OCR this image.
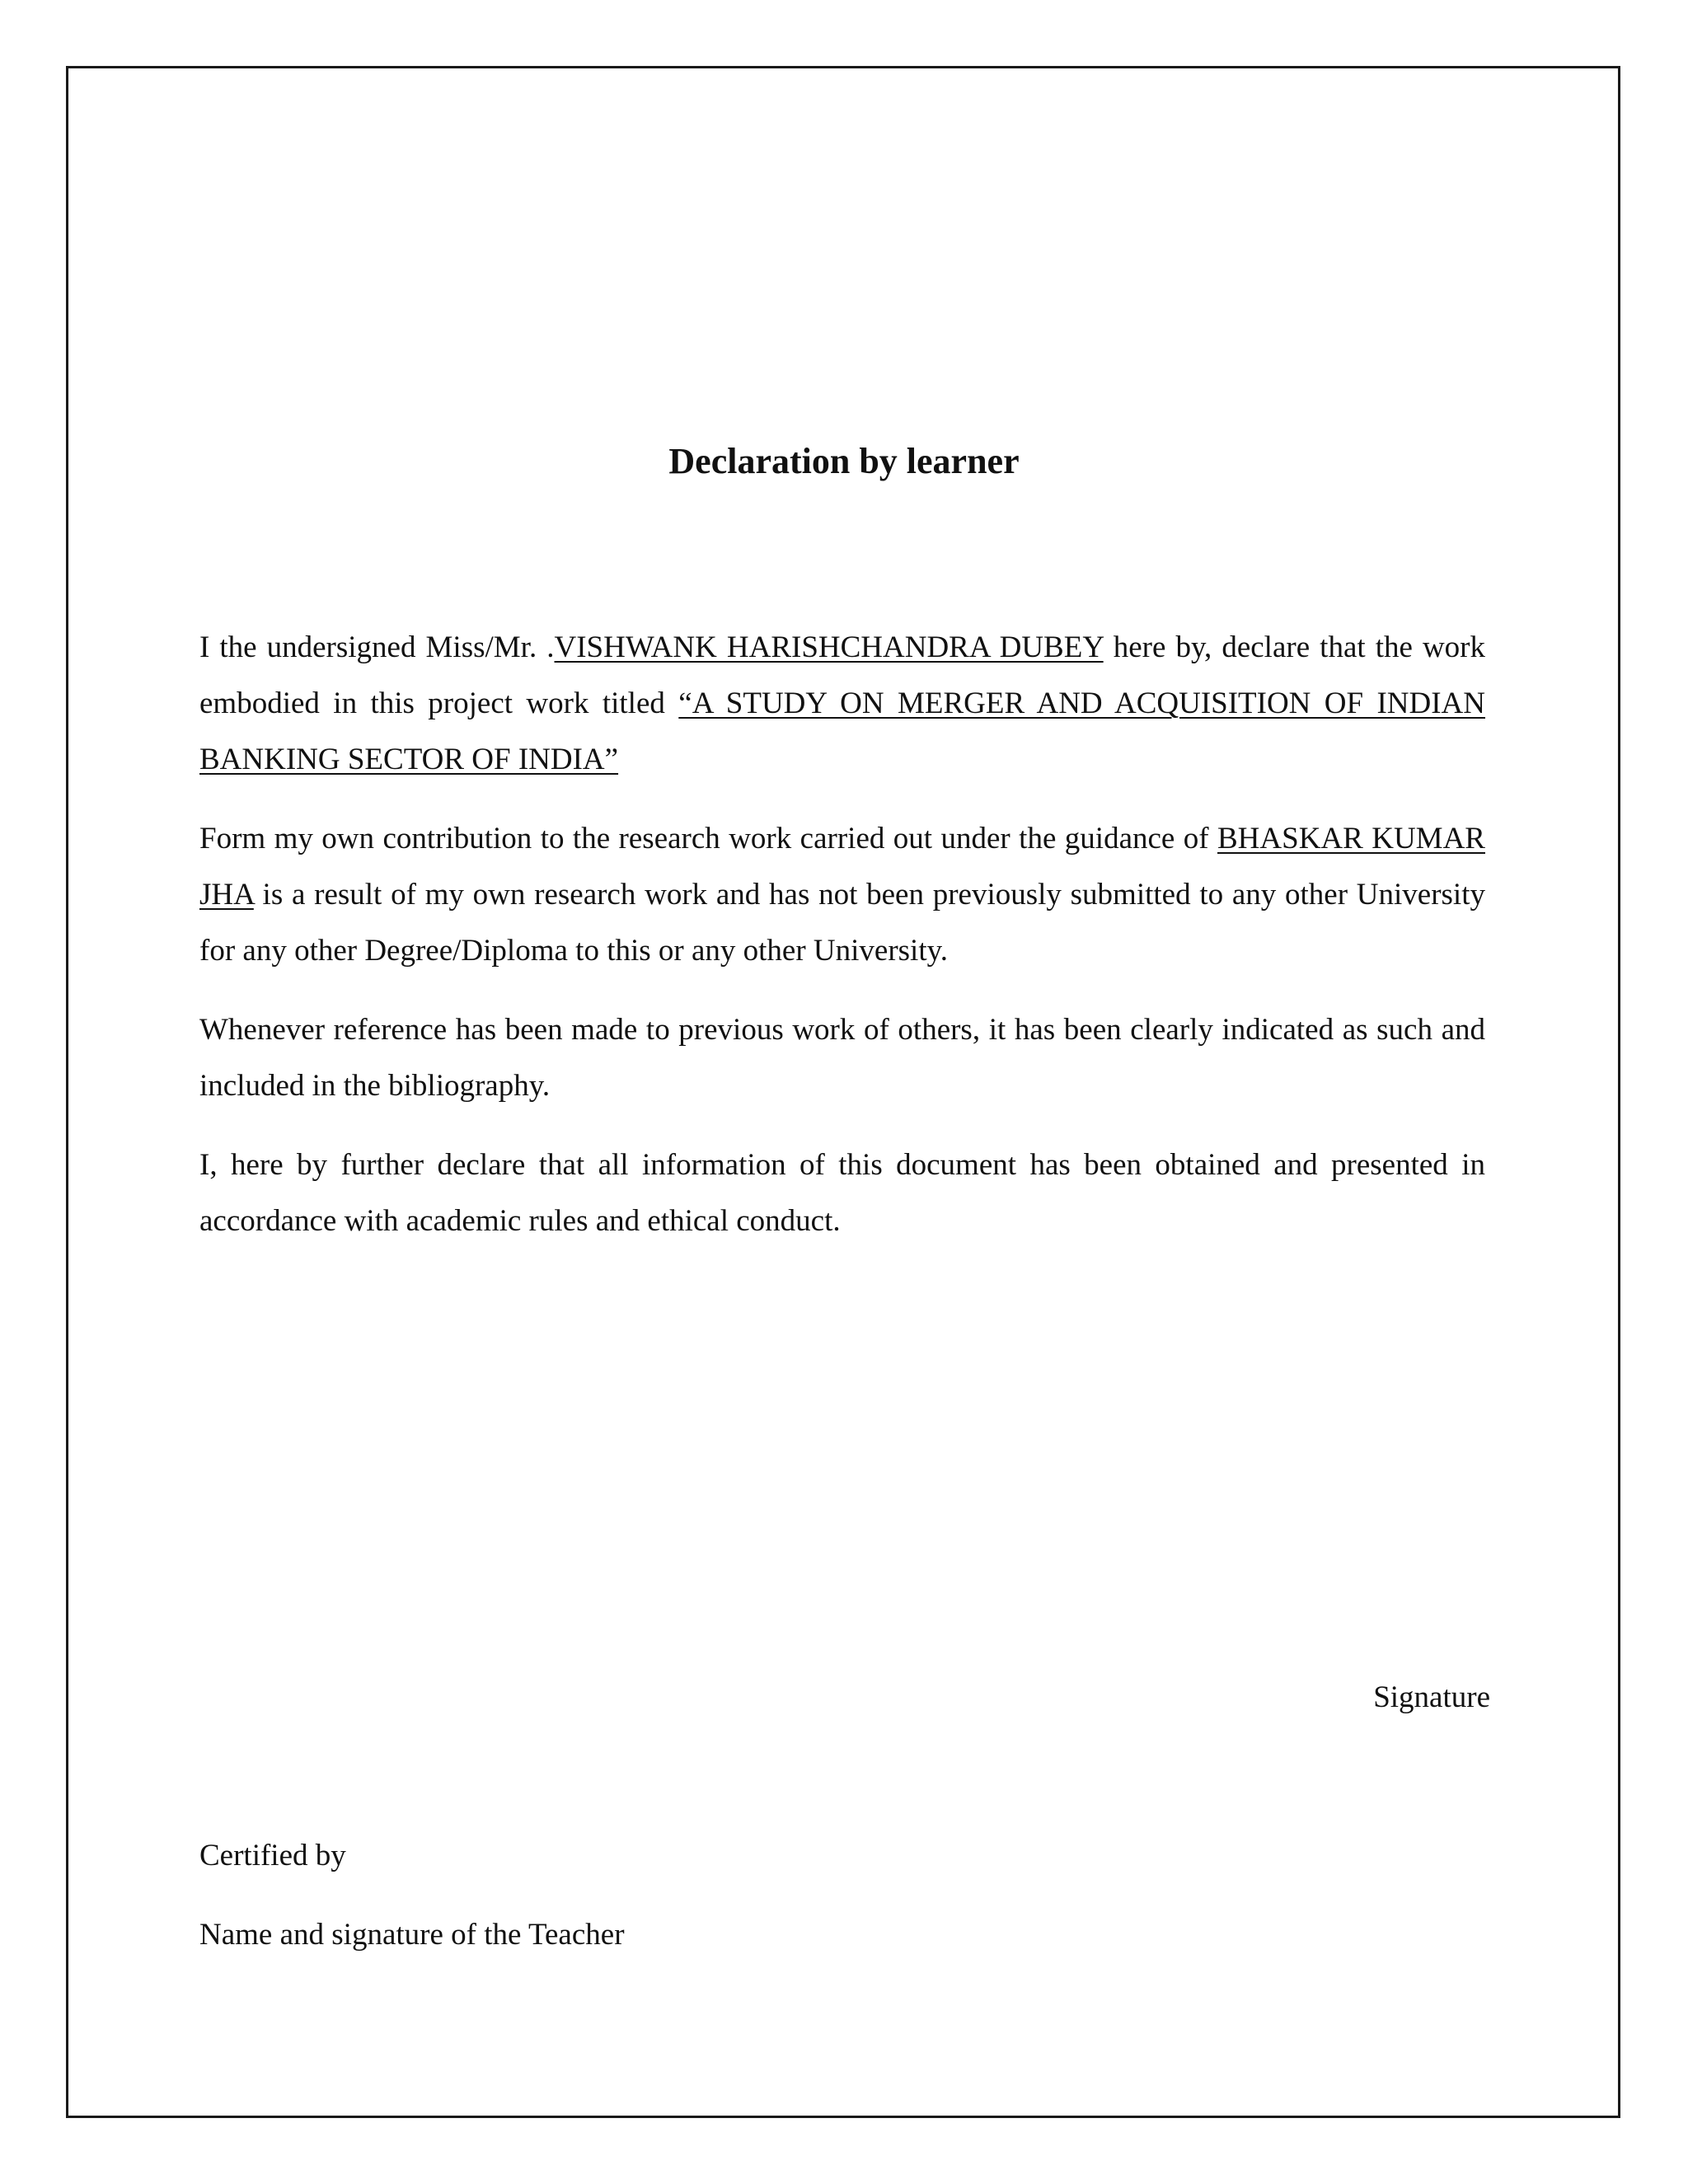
Declaration by learner

I the undersigned Miss/Mr. .VISHWANK HARISHCHANDRA DUBEY here by, declare that the work embodied in this project work titled “A STUDY ON MERGER AND ACQUISITION OF INDIAN BANKING SECTOR OF INDIA”

Form my own contribution to the research work carried out under the guidance of BHASKAR KUMAR JHA is a result of my own research work and has not been previously submitted to any other University for any other Degree/Diploma to this or any other University.

Whenever reference has been made to previous work of others, it has been clearly indicated as such and included in the bibliography.

I, here by further declare that all information of this document has been obtained and presented in accordance with academic rules and ethical conduct.

Signature
Certified by
Name and signature of the Teacher
